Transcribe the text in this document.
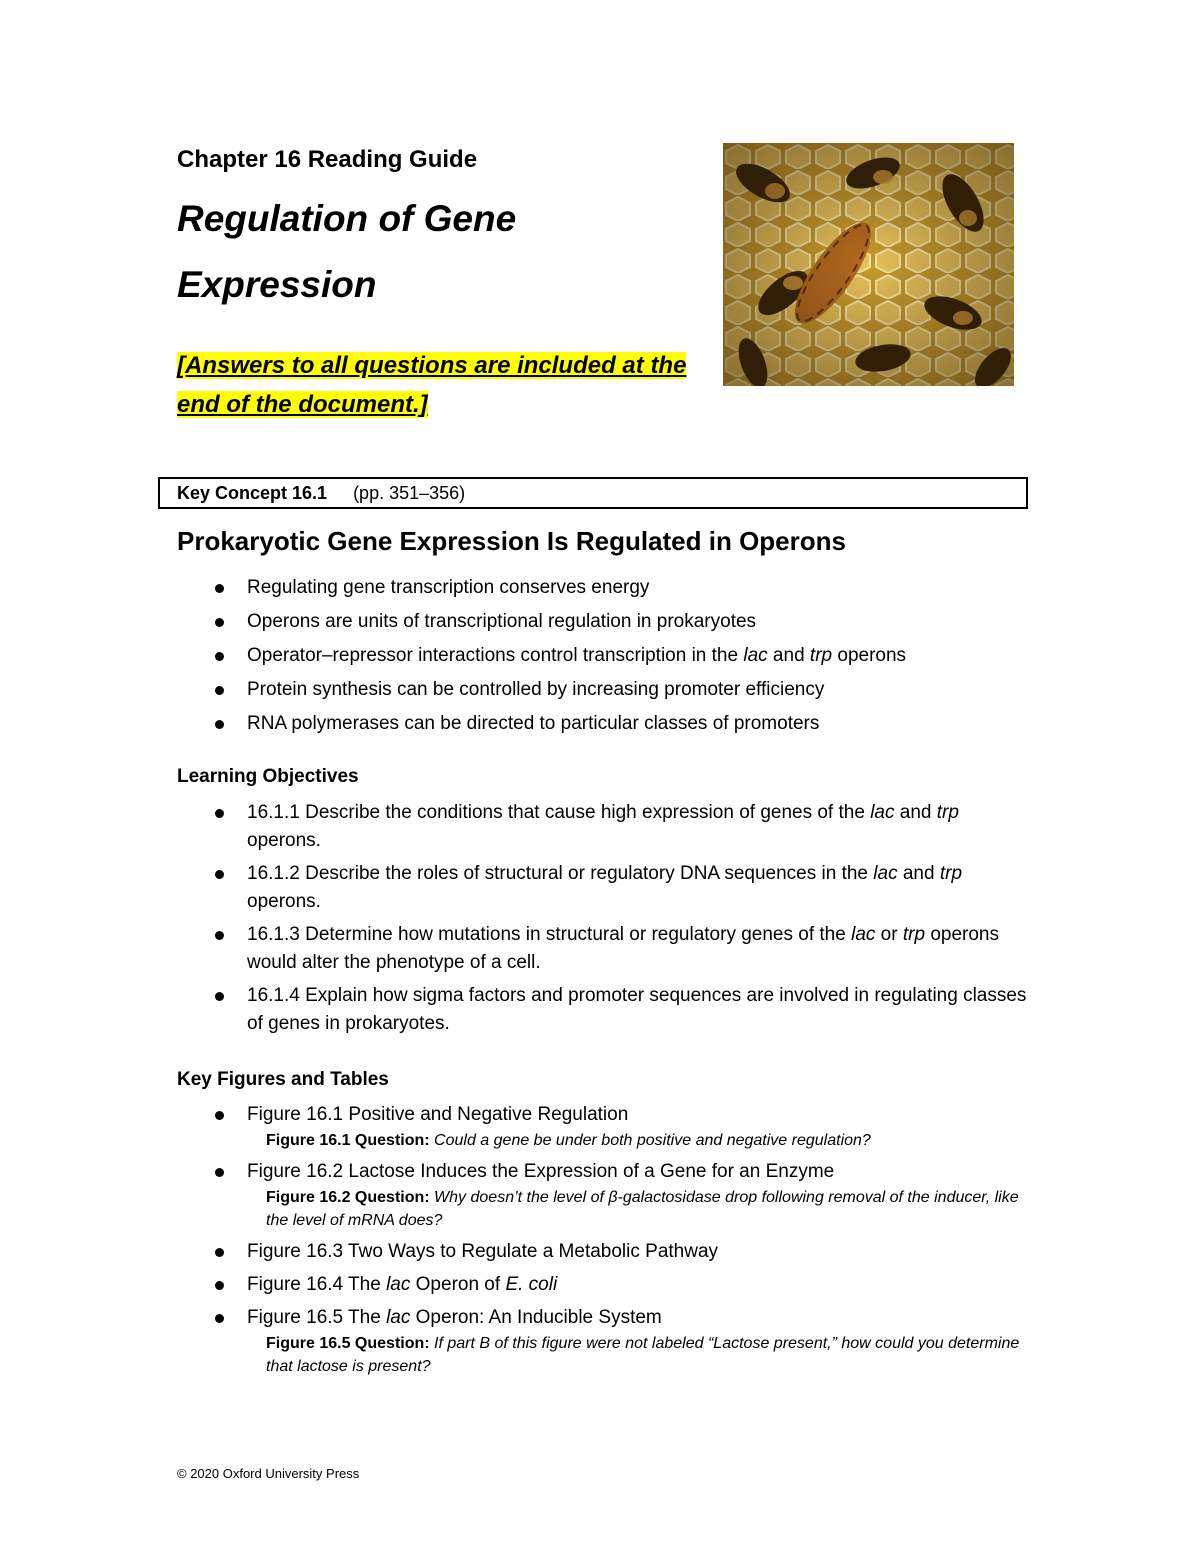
Chapter 16 Reading Guide
Regulation of Gene Expression
[Answers to all questions are included at the end of the document.]
Key Concept 16.1 (pp. 351–356)
Prokaryotic Gene Expression Is Regulated in Operons
Regulating gene transcription conserves energy
Operons are units of transcriptional regulation in prokaryotes
Operator–repressor interactions control transcription in the lac and trp operons
Protein synthesis can be controlled by increasing promoter efficiency
RNA polymerases can be directed to particular classes of promoters
Learning Objectives
16.1.1 Describe the conditions that cause high expression of genes of the lac and trp operons.
16.1.2 Describe the roles of structural or regulatory DNA sequences in the lac and trp operons.
16.1.3 Determine how mutations in structural or regulatory genes of the lac or trp operons would alter the phenotype of a cell.
16.1.4 Explain how sigma factors and promoter sequences are involved in regulating classes of genes in prokaryotes.
Key Figures and Tables
Figure 16.1 Positive and Negative Regulation
Figure 16.1 Question: Could a gene be under both positive and negative regulation?
Figure 16.2 Lactose Induces the Expression of a Gene for an Enzyme
Figure 16.2 Question: Why doesn’t the level of β-galactosidase drop following removal of the inducer, like the level of mRNA does?
Figure 16.3 Two Ways to Regulate a Metabolic Pathway
Figure 16.4 The lac Operon of E. coli
Figure 16.5 The lac Operon: An Inducible System
Figure 16.5 Question: If part B of this figure were not labeled “Lactose present,” how could you determine that lactose is present?
© 2020 Oxford University Press
